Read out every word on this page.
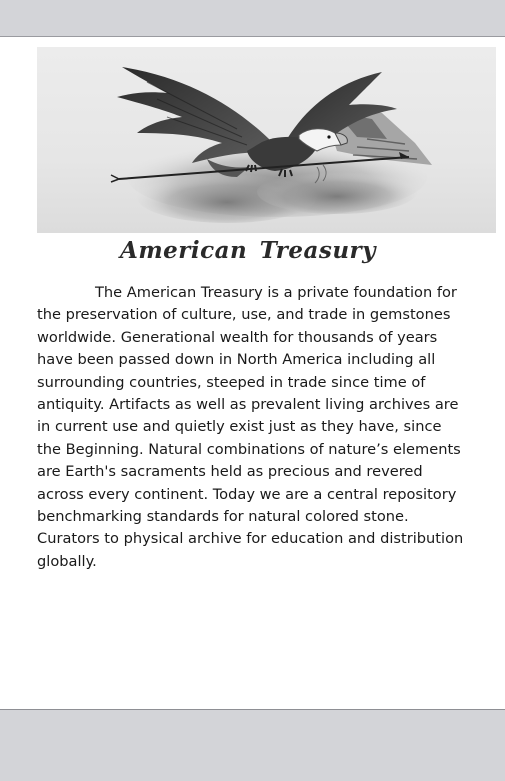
American Treasury

The American Treasury is a private foundation for the preservation of culture, use, and trade in gemstones worldwide. Generational wealth for thousands of years have been passed down in North America including all surrounding countries, steeped in trade since time of antiquity. Artifacts as well as prevalent living archives are in current use and quietly exist just as they have, since the Beginning. Natural combinations of nature’s elements are Earth's sacraments held as precious and revered across every continent. Today we are a central repository benchmarking standards for natural colored stone. Curators to physical archive for education and distribution globally.
